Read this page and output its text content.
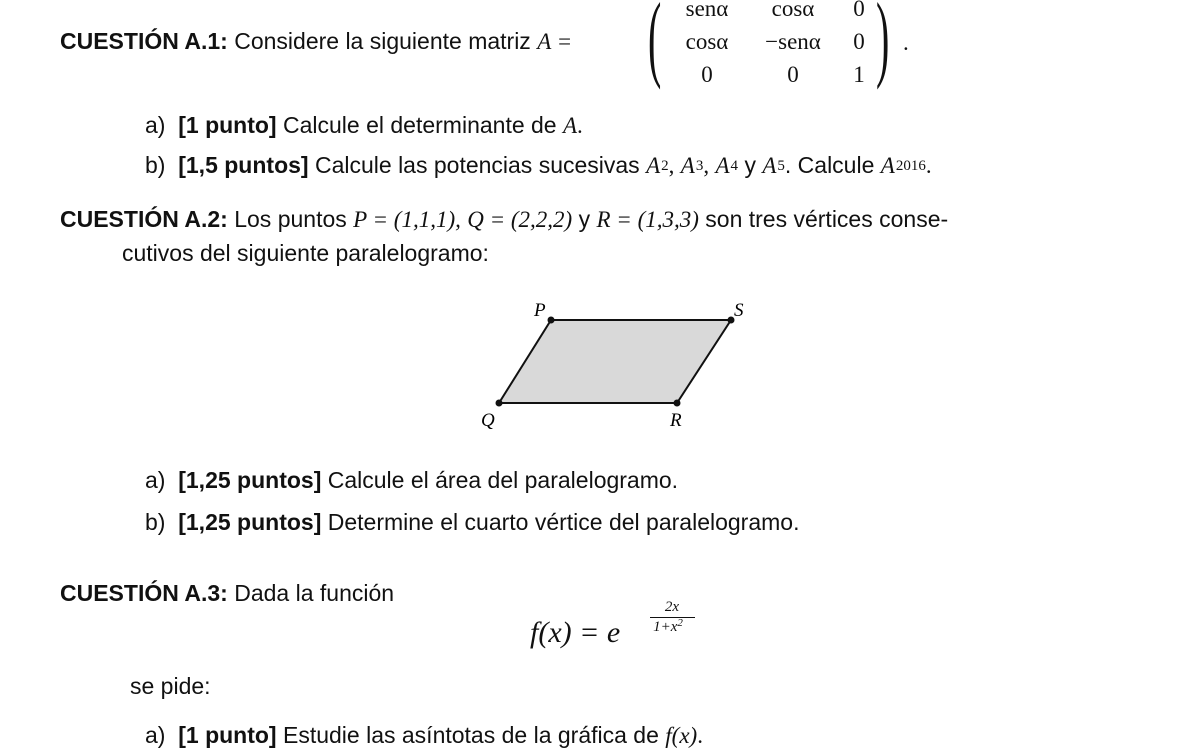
CUESTIÓN A.1: Considere la siguiente matriz A = (	senα	cosα	0
cosα	−senα	0
0	0	1 ) .
a) [1 punto] Calcule el determinante de A.
b) [1,5 puntos] Calcule las potencias sucesivas $A^2$, $A^3$, $A^4$ y $A^5$. Calcule $A^{2016}$.
CUESTIÓN A.2: Los puntos P = (1,1,1), Q = (2,2,2) y R = (1,3,3) son tres vértices conse-
cutivos del siguiente paralelogramo:
P	S
Q	R
a) [1,25 puntos] Calcule el área del paralelogramo.
b) [1,25 puntos] Determine el cuarto vértice del paralelogramo.
CUESTIÓN A.3: Dada la función
f(x) = e
2x
$1+x^2$
se pide:
a) [1 punto] Estudie las asíntotas de la gráfica de f(x).
